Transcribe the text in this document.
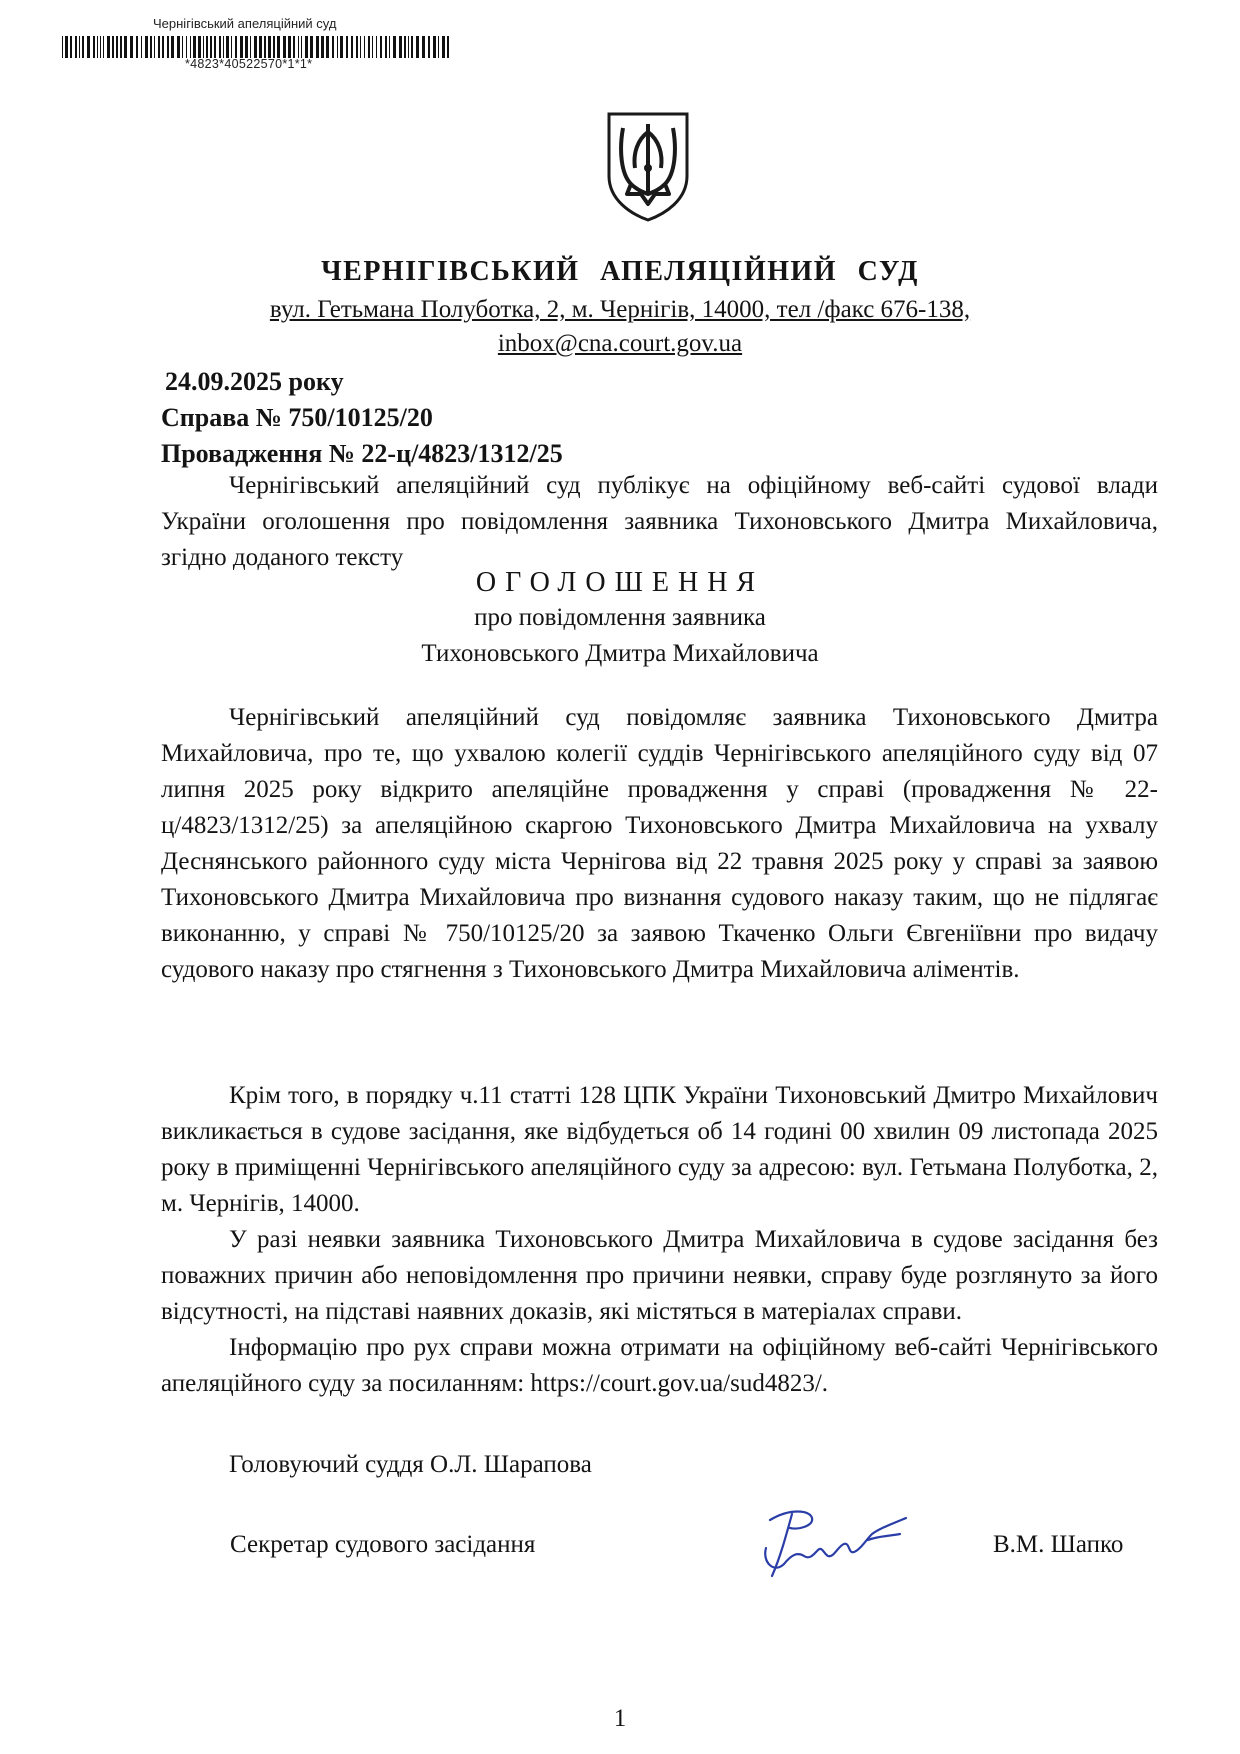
Чернігівський апеляційний суд
*4823*40522570*1*1*
ЧЕРНІГІВСЬКИЙ АПЕЛЯЦІЙНИЙ СУД
вул. Гетьмана Полуботка, 2, м. Чернігів, 14000, тел /факс 676-138,
inbox@cna.court.gov.ua
24.09.2025 року
Справа № 750/10125/20
Провадження № 22-ц/4823/1312/25

Чернігівський апеляційний суд публікує на офіційному веб-сайті судової влади України оголошення про повідомлення заявника Тихоновського Дмитра Михайловича, згідно доданого тексту

ОГОЛОШЕННЯ
про повідомлення заявника
Тихоновського Дмитра Михайловича

Чернігівський апеляційний суд повідомляє заявника Тихоновського Дмитра Михайловича, про те, що ухвалою колегії суддів Чернігівського апеляційного суду від 07 липня 2025 року відкрито апеляційне провадження у справі (провадження № 22-ц/4823/1312/25) за апеляційною скаргою Тихоновського Дмитра Михайловича на ухвалу Деснянського районного суду міста Чернігова від 22 травня 2025 року у справі за заявою Тихоновського Дмитра Михайловича про визнання судового наказу таким, що не підлягає виконанню, у справі № 750/10125/20 за заявою Ткаченко Ольги Євгеніївни про видачу судового наказу про стягнення з Тихоновського Дмитра Михайловича аліментів.

Крім того, в порядку ч.11 статті 128 ЦПК України Тихоновський Дмитро Михайлович викликається в судове засідання, яке відбудеться об 14 годині 00 хвилин 09 листопада 2025 року в приміщенні Чернігівського апеляційного суду за адресою: вул. Гетьмана Полуботка, 2, м. Чернігів, 14000.

У разі неявки заявника Тихоновського Дмитра Михайловича в судове засідання без поважних причин або неповідомлення про причини неявки, справу буде розглянуто за його відсутності, на підставі наявних доказів, які містяться в матеріалах справи.

Інформацію про рух справи можна отримати на офіційному веб-сайті Чернігівського апеляційного суду за посиланням: https://court.gov.ua/sud4823/.

Головуючий суддя О.Л. Шарапова
Секретар судового засідання	В.М. Шапко
1
